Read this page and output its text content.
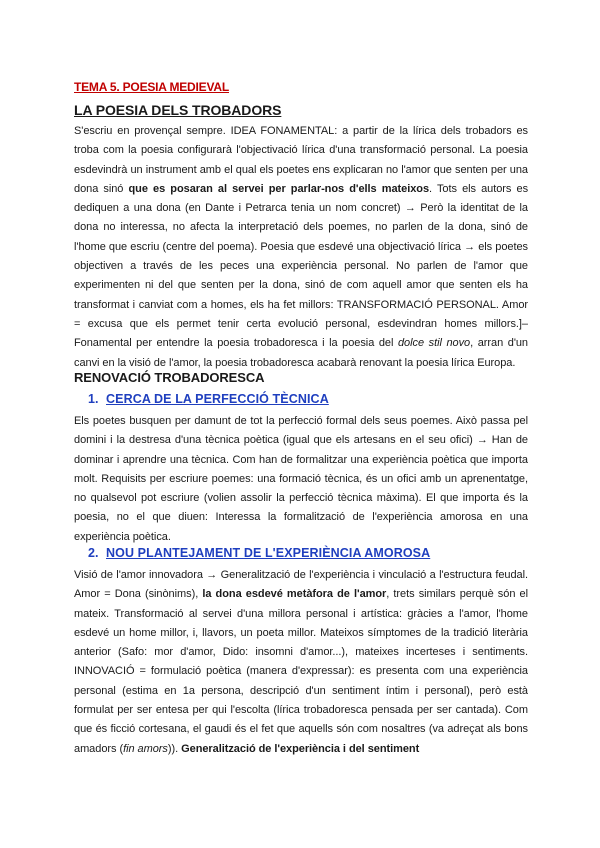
TEMA 5. POESIA MEDIEVAL
LA POESIA DELS TROBADORS
S'escriu en provençal sempre. IDEA FONAMENTAL: a partir de la lírica dels trobadors es troba com la poesia configurarà l'objectivació lírica d'una transformació personal. La poesia esdevindrà un instrument amb el qual els poetes ens explicaran no l'amor que senten per una dona sinó que es posaran al servei per parlar-nos d'ells mateixos. Tots els autors es dediquen a una dona (en Dante i Petrarca tenia un nom concret) → Però la identitat de la dona no interessa, no afecta la interpretació dels poemes, no parlen de la dona, sinó de l'home que escriu (centre del poema). Poesia que esdevé una objectivació lírica → els poetes objectiven a través de les peces una experiència personal. No parlen de l'amor que experimenten ni del que senten per la dona, sinó de com aquell amor que senten els ha transformat i canviat com a homes, els ha fet millors: TRANSFORMACIÓ PERSONAL. Amor = excusa que els permet tenir certa evolució personal, esdevindran homes millors.]– Fonamental per entendre la poesia trobadoresca i la poesia del dolce stil novo, arran d'un canvi en la visió de l'amor, la poesia trobadoresca acabarà renovant la poesia lírica Europa.
RENOVACIÓ TROBADORESCA
1. CERCA DE LA PERFECCIÓ TÈCNICA
Els poetes busquen per damunt de tot la perfecció formal dels seus poemes. Això passa pel domini i la destresa d'una tècnica poètica (igual que els artesans en el seu ofici) → Han de dominar i aprendre una tècnica. Com han de formalitzar una experiència poètica que importa molt. Requisits per escriure poemes: una formació tècnica, és un ofici amb un aprenentatge, no qualsevol pot escriure (volien assolir la perfecció tècnica màxima). El que importa és la poesia, no el que diuen: Interessa la formalització de l'experiència amorosa en una experiència poètica.
2. NOU PLANTEJAMENT DE L'EXPERIÈNCIA AMOROSA
Visió de l'amor innovadora → Generalització de l'experiència i vinculació a l'estructura feudal. Amor = Dona (sinònims), la dona esdevé metàfora de l'amor, trets similars perquè són el mateix. Transformació al servei d'una millora personal i artística: gràcies a l'amor, l'home esdevé un home millor, i, llavors, un poeta millor. Mateixos símptomes de la tradició literària anterior (Safo: mor d'amor, Dido: insomni d'amor...), mateixes incerteses i sentiments. INNOVACIÓ = formulació poètica (manera d'expressar): es presenta com una experiència personal (estima en 1a persona, descripció d'un sentiment íntim i personal), però està formulat per ser entesa per qui l'escolta (lírica trobadoresca pensada per ser cantada). Com que és ficció cortesana, el gaudi és el fet que aquells són com nosaltres (va adreçat als bons amadors (fin amors)). Generalització de l'experiència i del sentiment
